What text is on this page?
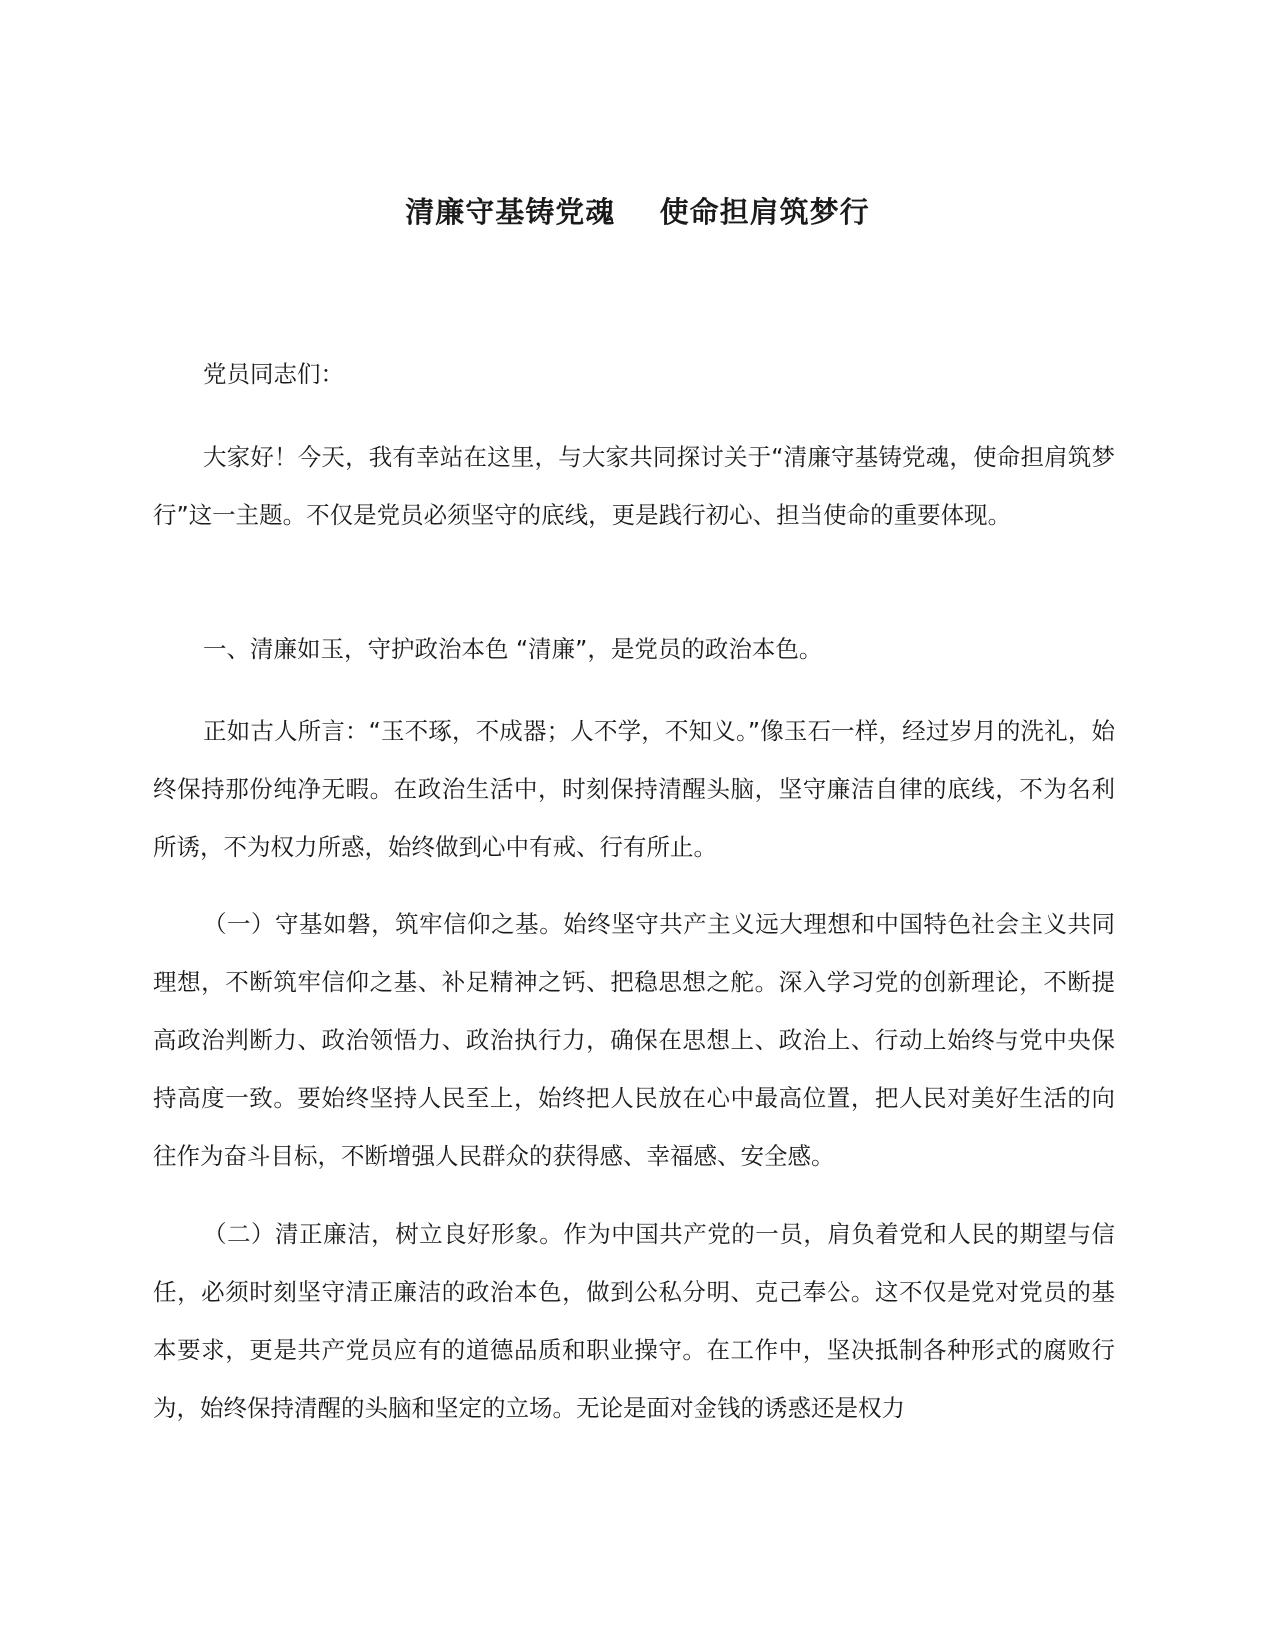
清廉守基铸党魂    使命担肩筑梦行

党员同志们：

大家好！今天，我有幸站在这里，与大家共同探讨关于“清廉守基铸党魂，使命担肩筑梦行”这一主题。不仅是党员必须坚守的底线，更是践行初心、担当使命的重要体现。

一、清廉如玉，守护政治本色 “清廉”，是党员的政治本色。

正如古人所言：“玉不琢，不成器；人不学，不知义。”像玉石一样，经过岁月的洗礼，始终保持那份纯净无暇。在政治生活中，时刻保持清醒头脑，坚守廉洁自律的底线，不为名利所诱，不为权力所惑，始终做到心中有戒、行有所止。

（一）守基如磐，筑牢信仰之基。始终坚守共产主义远大理想和中国特色社会主义共同理想，不断筑牢信仰之基、补足精神之钙、把稳思想之舵。深入学习党的创新理论，不断提高政治判断力、政治领悟力、政治执行力，确保在思想上、政治上、行动上始终与党中央保持高度一致。要始终坚持人民至上，始终把人民放在心中最高位置，把人民对美好生活的向往作为奋斗目标，不断增强人民群众的获得感、幸福感、安全感。

（二）清正廉洁，树立良好形象。作为中国共产党的一员，肩负着党和人民的期望与信任，必须时刻坚守清正廉洁的政治本色，做到公私分明、克己奉公。这不仅是党对党员的基本要求，更是共产党员应有的道德品质和职业操守。在工作中，坚决抵制各种形式的腐败行为，始终保持清醒的头脑和坚定的立场。无论是面对金钱的诱惑还是权力
